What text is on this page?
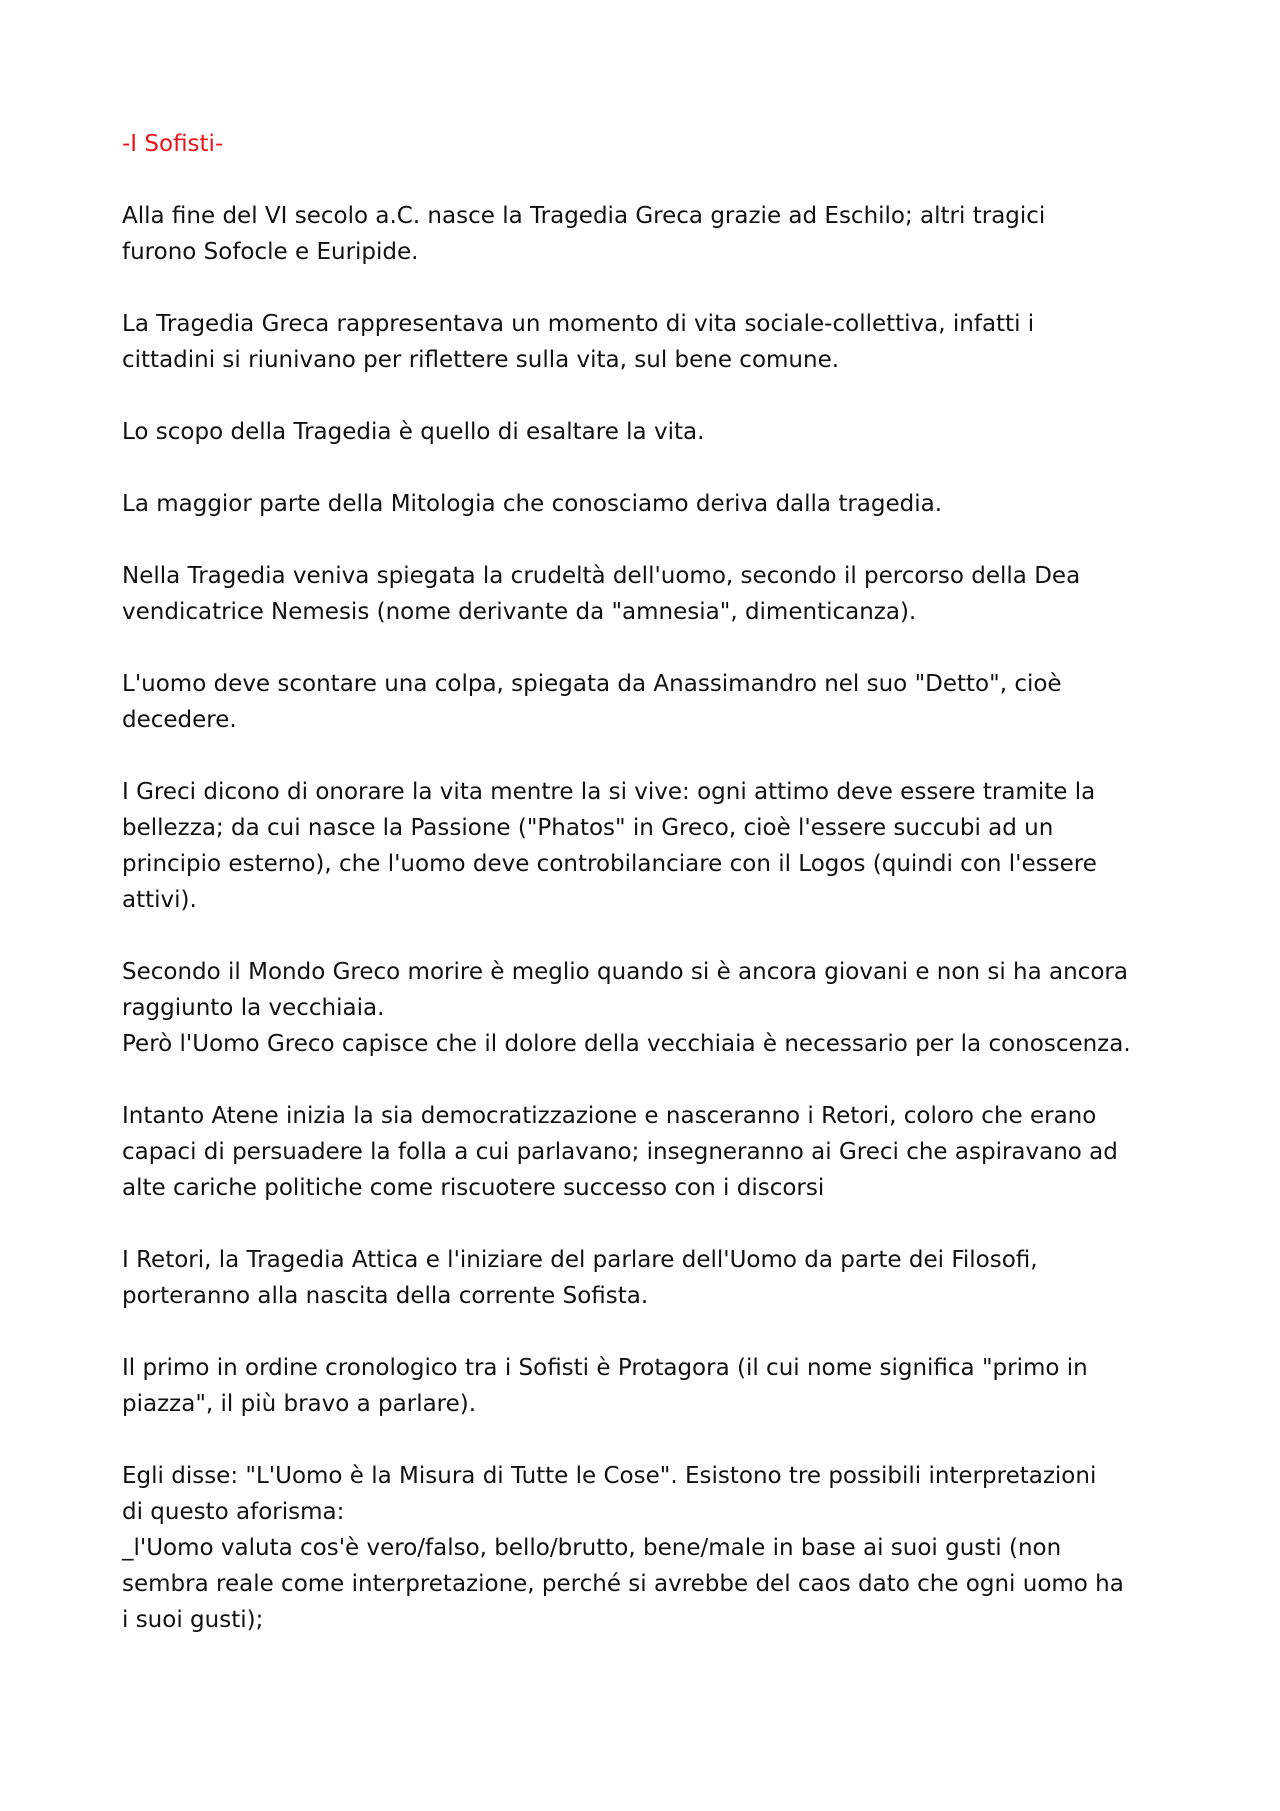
-I Sofisti-
Alla fine del VI secolo a.C. nasce la Tragedia Greca grazie ad Eschilo; altri tragici
furono Sofocle e Euripide.
La Tragedia Greca rappresentava un momento di vita sociale-collettiva, infatti i
cittadini si riunivano per riflettere sulla vita, sul bene comune.
Lo scopo della Tragedia è quello di esaltare la vita.
La maggior parte della Mitologia che conosciamo deriva dalla tragedia.
Nella Tragedia veniva spiegata la crudeltà dell'uomo, secondo il percorso della Dea
vendicatrice Nemesis (nome derivante da "amnesia", dimenticanza).
L'uomo deve scontare una colpa, spiegata da Anassimandro nel suo "Detto", cioè
decedere.
I Greci dicono di onorare la vita mentre la si vive: ogni attimo deve essere tramite la
bellezza; da cui nasce la Passione ("Phatos" in Greco, cioè l'essere succubi ad un
principio esterno), che l'uomo deve controbilanciare con il Logos (quindi con l'essere
attivi).
Secondo il Mondo Greco morire è meglio quando si è ancora giovani e non si ha ancora
raggiunto la vecchiaia.
Però l'Uomo Greco capisce che il dolore della vecchiaia è necessario per la conoscenza.
Intanto Atene inizia la sia democratizzazione e nasceranno i Retori, coloro che erano
capaci di persuadere la folla a cui parlavano; insegneranno ai Greci che aspiravano ad
alte cariche politiche come riscuotere successo con i discorsi
I Retori, la Tragedia Attica e l'iniziare del parlare dell'Uomo da parte dei Filosofi,
porteranno alla nascita della corrente Sofista.
Il primo in ordine cronologico tra i Sofisti è Protagora (il cui nome significa "primo in
piazza", il più bravo a parlare).
Egli disse: "L'Uomo è la Misura di Tutte le Cose". Esistono tre possibili interpretazioni
di questo aforisma:
_l'Uomo valuta cos'è vero/falso, bello/brutto, bene/male in base ai suoi gusti (non
sembra reale come interpretazione, perché si avrebbe del caos dato che ogni uomo ha
i suoi gusti);
